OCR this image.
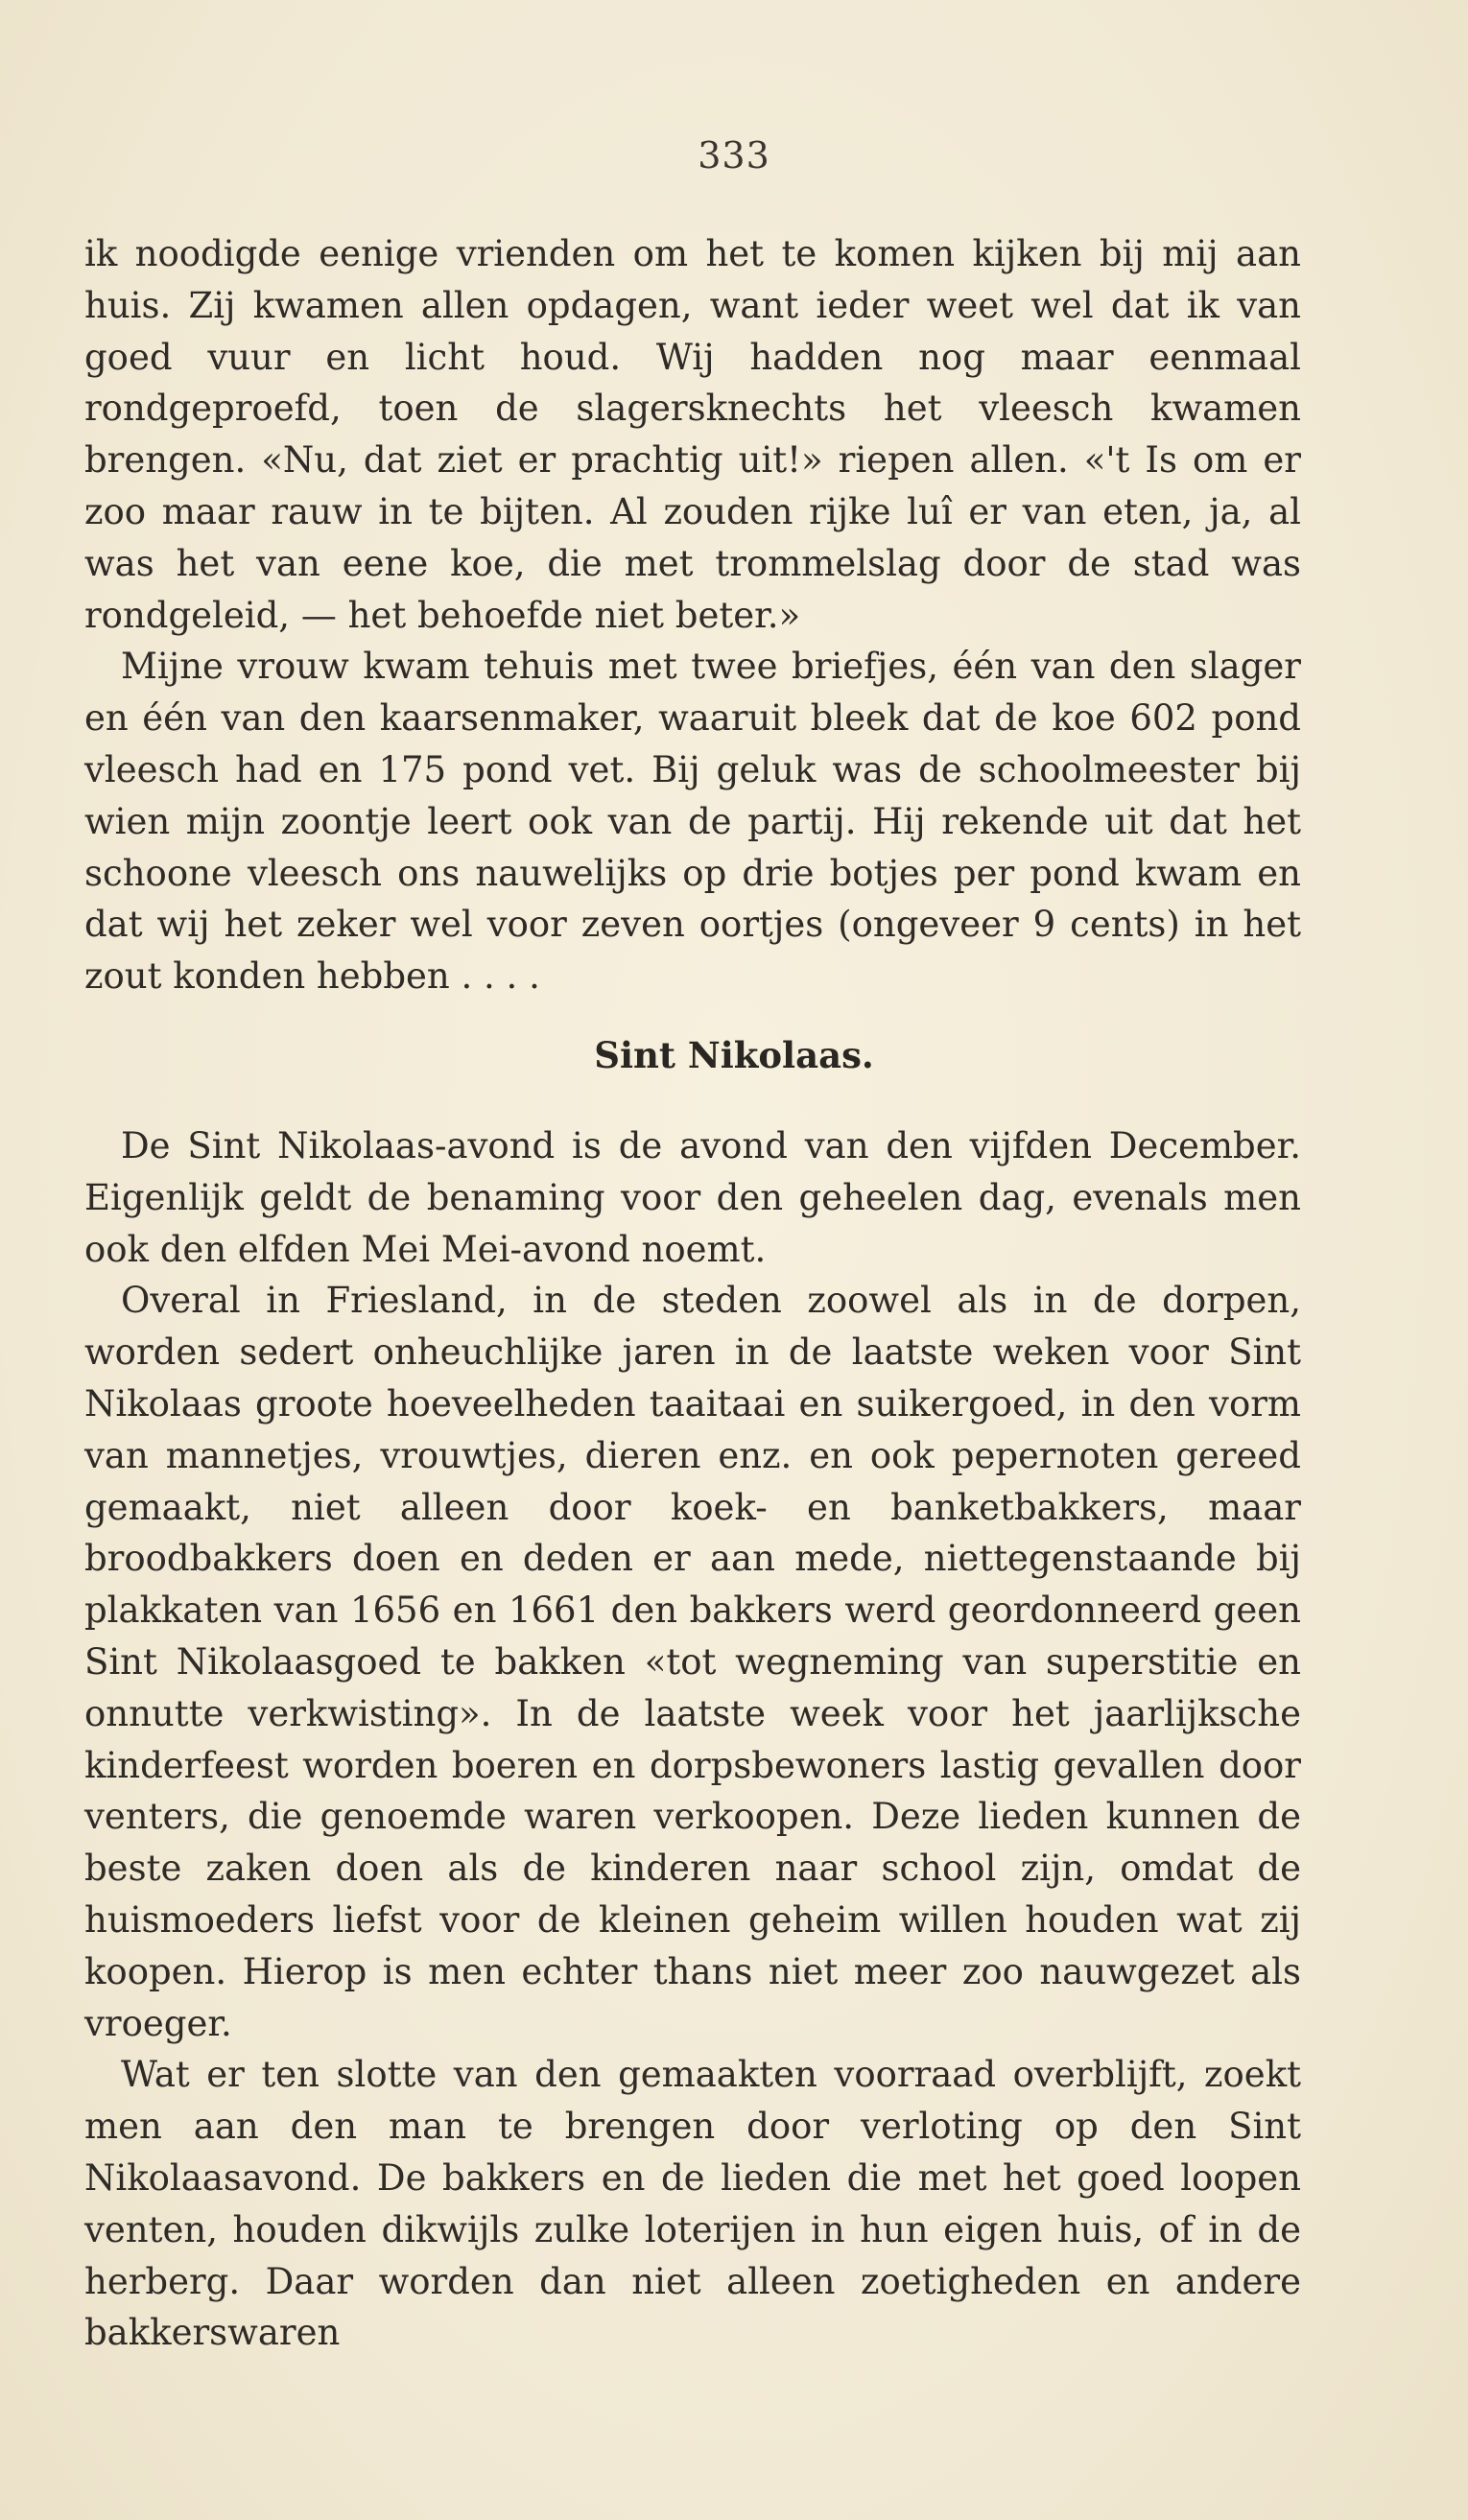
333

ik noodigde eenige vrienden om het te komen kijken bij mij aan huis. Zij kwamen allen opdagen, want ieder weet wel dat ik van goed vuur en licht houd. Wij hadden nog maar eenmaal rondgeproefd, toen de slagersknechts het vleesch kwamen brengen. «Nu, dat ziet er prachtig uit!» riepen allen. «'t Is om er zoo maar rauw in te bijten. Al zouden rijke luî er van eten, ja, al was het van eene koe, die met trommelslag door de stad was rondgeleid, — het behoefde niet beter.»

Mijne vrouw kwam tehuis met twee briefjes, één van den slager en één van den kaarsenmaker, waaruit bleek dat de koe 602 pond vleesch had en 175 pond vet. Bij geluk was de schoolmeester bij wien mijn zoontje leert ook van de partij. Hij rekende uit dat het schoone vleesch ons nauwelijks op drie botjes per pond kwam en dat wij het zeker wel voor zeven oortjes (ongeveer 9 cents) in het zout konden hebben . . . .

Sint Nikolaas.

De Sint Nikolaas-avond is de avond van den vijfden December. Eigenlijk geldt de benaming voor den geheelen dag, evenals men ook den elfden Mei Mei-avond noemt.

Overal in Friesland, in de steden zoowel als in de dorpen, worden sedert onheuchlijke jaren in de laatste weken voor Sint Nikolaas groote hoeveelheden taaitaai en suikergoed, in den vorm van mannetjes, vrouwtjes, dieren enz. en ook pepernoten gereed gemaakt, niet alleen door koek- en banketbakkers, maar broodbakkers doen en deden er aan mede, niettegenstaande bij plakkaten van 1656 en 1661 den bakkers werd geordonneerd geen Sint Nikolaasgoed te bakken «tot wegneming van superstitie en onnutte verkwisting». In de laatste week voor het jaarlijksche kinderfeest worden boeren en dorpsbewoners lastig gevallen door venters, die genoemde waren verkoopen. Deze lieden kunnen de beste zaken doen als de kinderen naar school zijn, omdat de huismoeders liefst voor de kleinen geheim willen houden wat zij koopen. Hierop is men echter thans niet meer zoo nauwgezet als vroeger.

Wat er ten slotte van den gemaakten voorraad overblijft, zoekt men aan den man te brengen door verloting op den Sint Nikolaasavond. De bakkers en de lieden die met het goed loopen venten, houden dikwijls zulke loterijen in hun eigen huis, of in de herberg. Daar worden dan niet alleen zoetigheden en andere bakkerswaren
